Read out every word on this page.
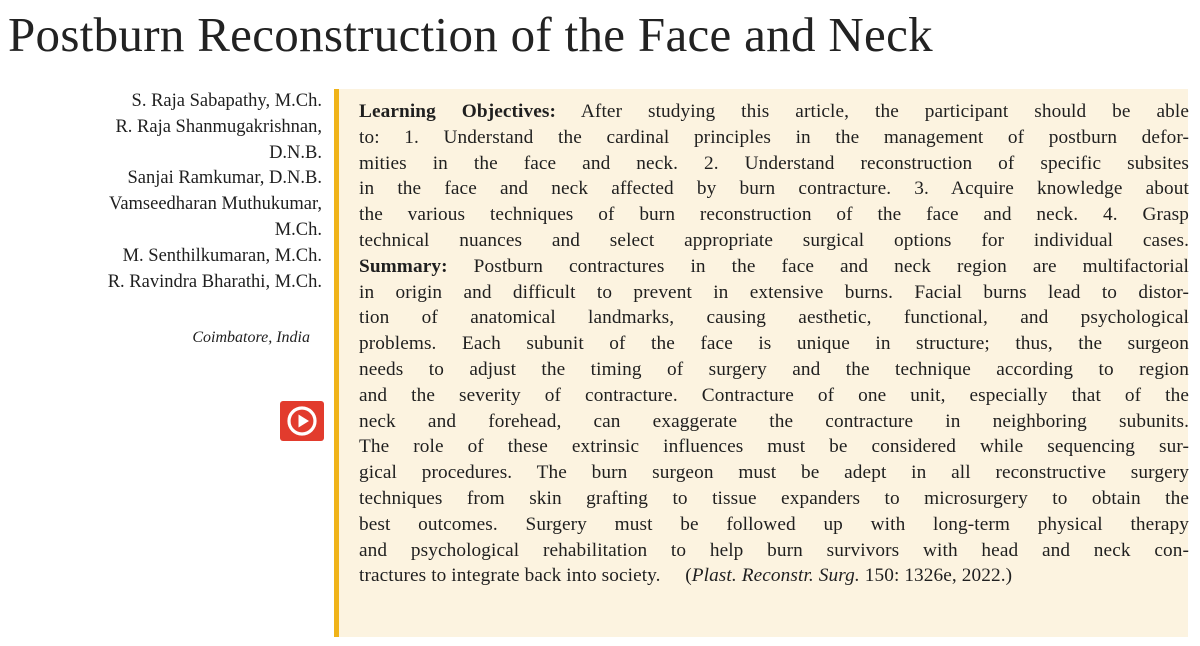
Postburn Reconstruction of the Face and Neck
S. Raja Sabapathy, M.Ch.
R. Raja Shanmugakrishnan,
D.N.B.
Sanjai Ramkumar, D.N.B.
Vamseedharan Muthukumar,
M.Ch.
M. Senthilkumaran, M.Ch.
R. Ravindra Bharathi, M.Ch.
Coimbatore, India

Learning Objectives: After studying this article, the participant should be able
to: 1. Understand the cardinal principles in the management of postburn defor-
mities in the face and neck. 2. Understand reconstruction of specific subsites
in the face and neck affected by burn contracture. 3. Acquire knowledge about
the various techniques of burn reconstruction of the face and neck. 4. Grasp
technical nuances and select appropriate surgical options for individual cases.

Summary: Postburn contractures in the face and neck region are multifactorial
in origin and difficult to prevent in extensive burns. Facial burns lead to distor-
tion of anatomical landmarks, causing aesthetic, functional, and psychological
problems. Each subunit of the face is unique in structure; thus, the surgeon
needs to adjust the timing of surgery and the technique according to region
and the severity of contracture. Contracture of one unit, especially that of the
neck and forehead, can exaggerate the contracture in neighboring subunits.
The role of these extrinsic influences must be considered while sequencing sur-
gical procedures. The burn surgeon must be adept in all reconstructive surgery
techniques from skin grafting to tissue expanders to microsurgery to obtain the
best outcomes. Surgery must be followed up with long-term physical therapy
and psychological rehabilitation to help burn survivors with head and neck con-
tractures to integrate back into society. (Plast. Reconstr. Surg. 150: 1326e, 2022.)
